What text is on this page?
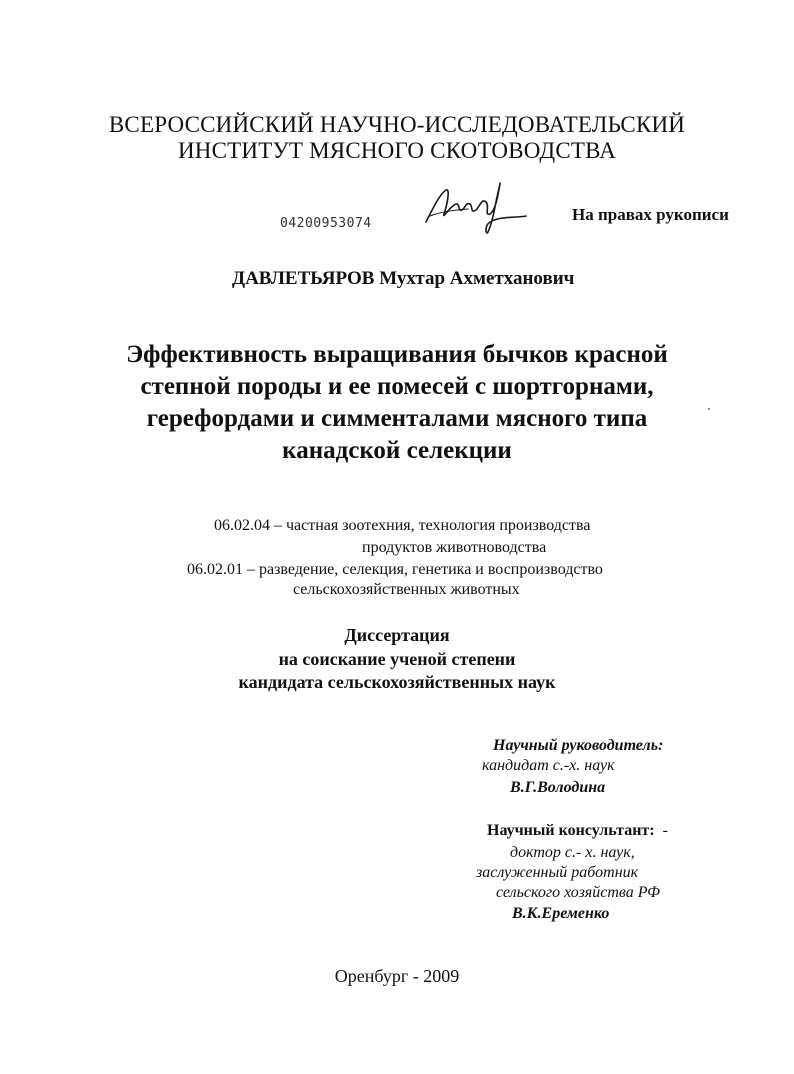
ВСЕРОССИЙСКИЙ НАУЧНО-ИССЛЕДОВАТЕЛЬСКИЙ
ИНСТИТУТ МЯСНОГО СКОТОВОДСТВА
04200953074	На правах рукописи
ДАВЛЕТЬЯРОВ Мухтар Ахметханович
Эффективность выращивания бычков красной
степной породы и ее помесей с шортгорнами,
герефордами и симменталами мясного типа
канадской селекции
06.02.04 – частная зоотехния, технология производства
продуктов животноводства
06.02.01 – разведение, селекция, генетика и воспроизводство
сельскохозяйственных животных
Диссертация
на соискание ученой степени
кандидата сельскохозяйственных наук
Научный руководитель:
кандидат с.-х. наук
В.Г.Володина
Научный консультант: -
доктор с.- х. наук,
заслуженный работник
сельского хозяйства РФ
В.К.Еременко
Оренбург - 2009
